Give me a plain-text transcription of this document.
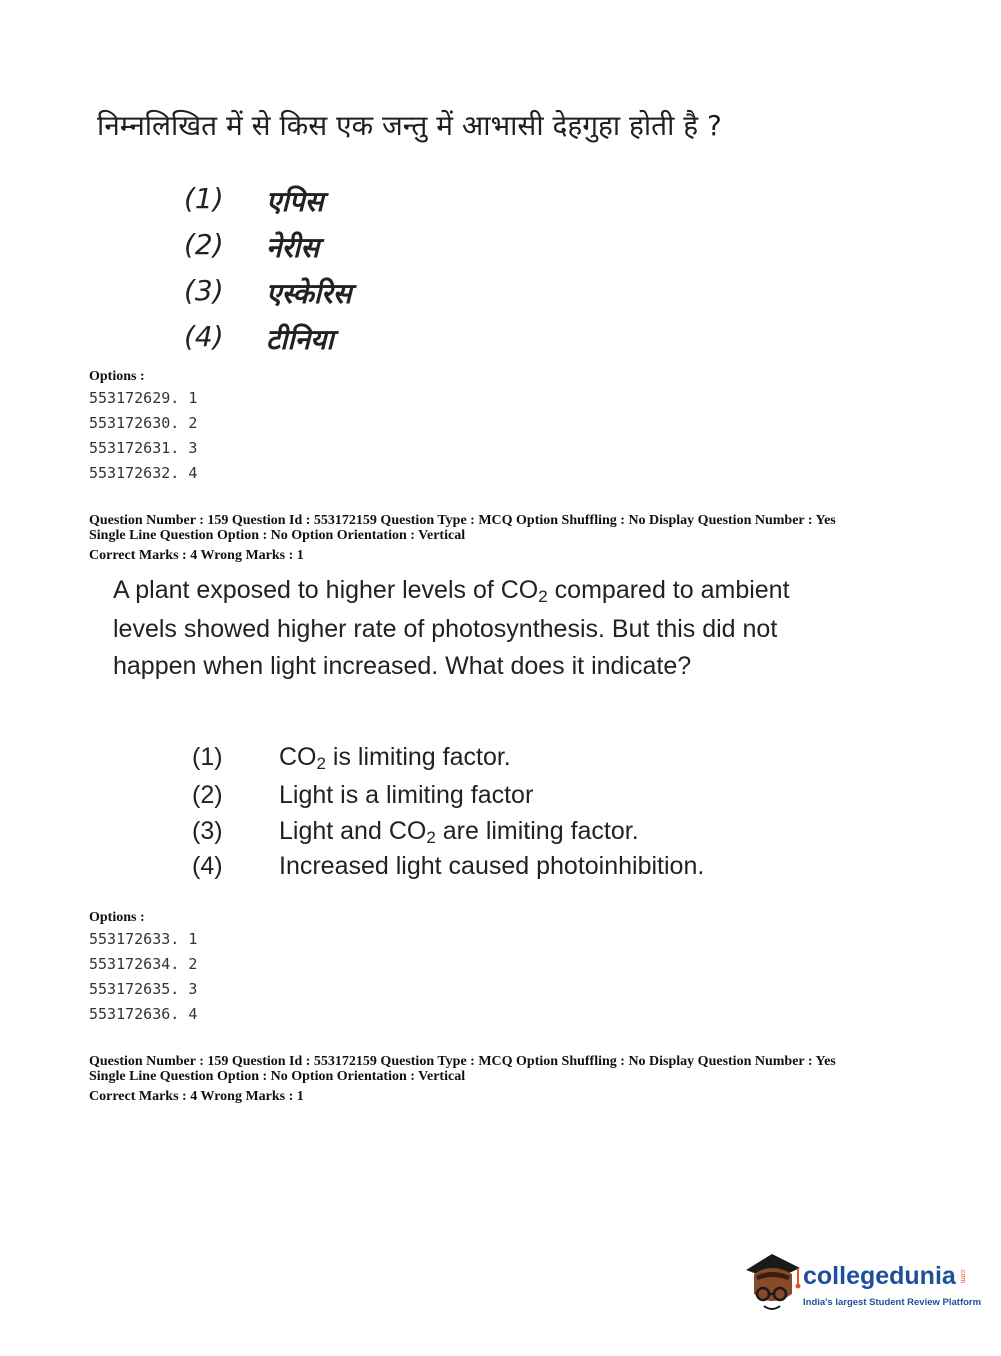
निम्नलिखित में से किस एक जन्तु में आभासी देहगुहा होती है ?
(1) एपिस
(2) नेरीस
(3) एस्केरिस
(4) टीनिया
Options :
553172629. 1
553172630. 2
553172631. 3
553172632. 4
Question Number : 159 Question Id : 553172159 Question Type : MCQ Option Shuffling : No Display Question Number : Yes
Single Line Question Option : No Option Orientation : Vertical
Correct Marks : 4 Wrong Marks : 1
A plant exposed to higher levels of CO2 compared to ambient levels showed higher rate of photosynthesis. But this did not happen when light increased. What does it indicate?
(1) CO2 is limiting factor.
(2) Light is a limiting factor
(3) Light and CO2 are limiting factor.
(4) Increased light caused photoinhibition.
Options :
553172633. 1
553172634. 2
553172635. 3
553172636. 4
Question Number : 159 Question Id : 553172159 Question Type : MCQ Option Shuffling : No Display Question Number : Yes
Single Line Question Option : No Option Orientation : Vertical
Correct Marks : 4 Wrong Marks : 1
collegedunia .com
India's largest Student Review Platform
